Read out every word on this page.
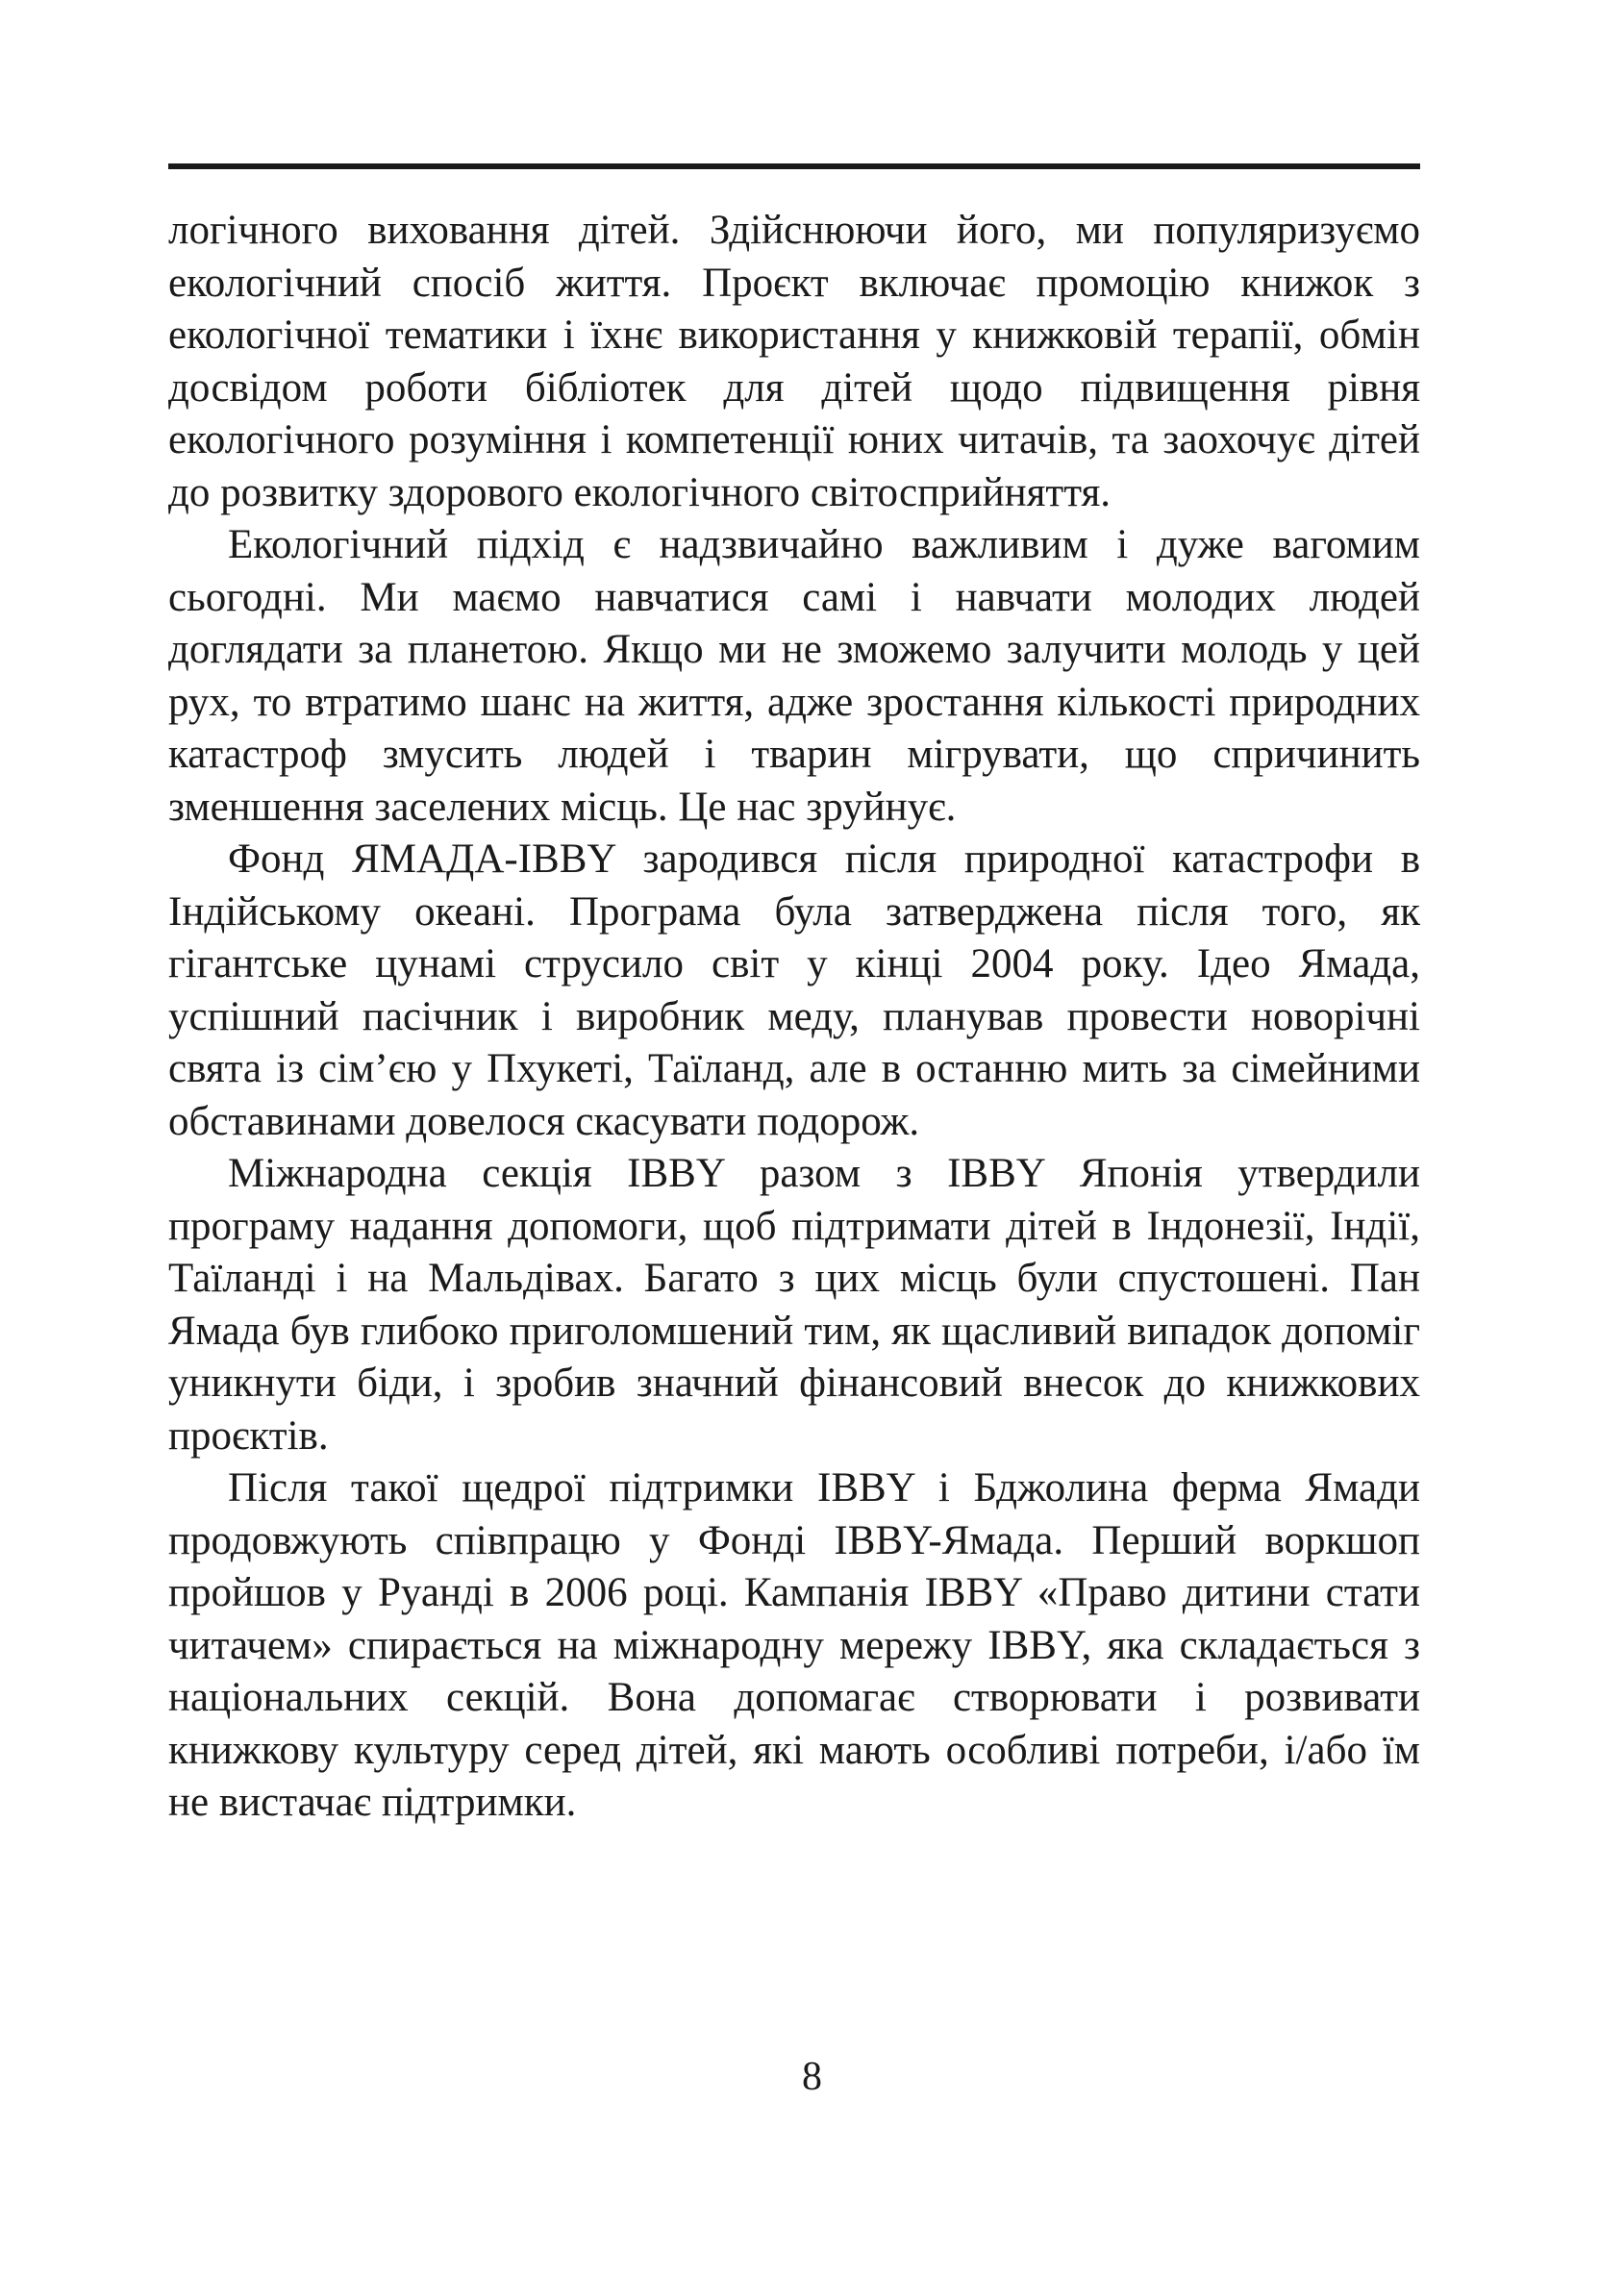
логічного виховання дітей. Здійснюючи його, ми популяризуємо екологічний спосіб життя. Проєкт включає промоцію книжок з екологічної тематики і їхнє використання у книжковій терапії, обмін досвідом роботи бібліотек для дітей щодо підвищення рівня екологічного розуміння і компетенції юних читачів, та заохочує дітей до розвитку здорового екологічного світосприйняття.

Екологічний підхід є надзвичайно важливим і дуже вагомим сьогодні. Ми маємо навчатися самі і навчати молодих людей доглядати за планетою. Якщо ми не зможемо залучити молодь у цей рух, то втратимо шанс на життя, адже зростання кількості природних катастроф змусить людей і тварин мігрувати, що спричинить зменшення заселених місць. Це нас зруйнує.

Фонд ЯМАДА-IBBY зародився після природної катастрофи в Індійському океані. Програма була затверджена після того, як гігантське цунамі струсило світ у кінці 2004 року. Ідео Ямада, успішний пасічник і виробник меду, планував провести новорічні свята із сім’єю у Пхукеті, Таїланд, але в останню мить за сімейними обставинами довелося скасувати подорож.

Міжнародна секція IBBY разом з IBBY Японія утвердили програму надання допомоги, щоб підтримати дітей в Індонезії, Індії, Таїланді і на Мальдівах. Багато з цих місць були спустошені. Пан Ямада був глибоко приголомшений тим, як щасливий випадок допоміг уникнути біди, і зробив значний фінансовий внесок до книжкових проєктів.

Після такої щедрої підтримки IBBY і Бджолина ферма Ямади продовжують співпрацю у Фонді IBBY-Ямада. Перший воркшоп пройшов у Руанді в 2006 році. Кампанія IBBY «Право дитини стати читачем» спирається на міжнародну мережу IBBY, яка складається з національних секцій. Вона допомагає створювати і розвивати книжкову культуру серед дітей, які мають особливі потреби, і/або їм не вистачає підтримки.

8
